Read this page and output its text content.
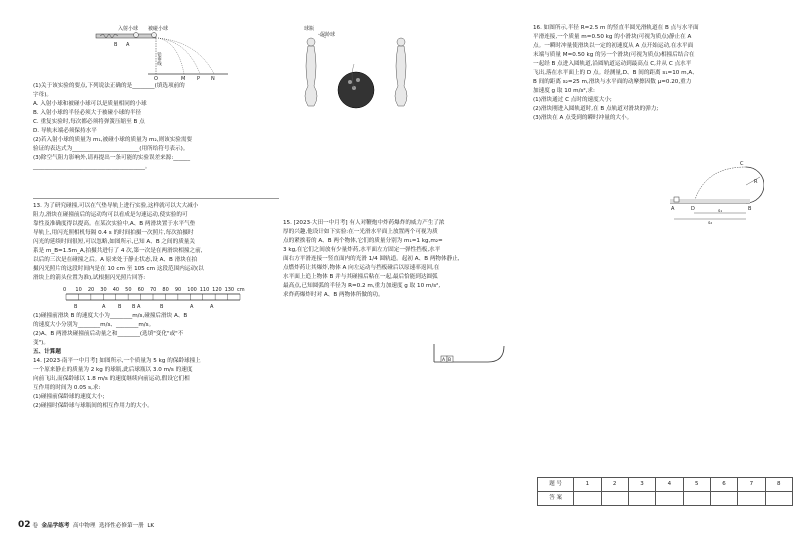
入射小球 被碰小球
B A
铅垂线
O	M P N

(1)关于该实验的要点,下列说法正确的是________(填选项前的

字母)。

A. 入射小球和被碰小球可以是质量相同的小球

B. 入射小球的半径必须大于被碰小球的半径

C. 重复实验时,每次都必须将弹簧压缩至 B 点

D. 导轨末端必须保持水平

(2)若入射小球的质量为 m₁,被碰小球的质量为 m₂,则该实验需要

验证的表达式为________________________(用所给符号表示)。

(3)除空气阻力影响外,请再提出一条可能的实验误差来源:______

________________________________________。

13. 为了研究碰撞,可以在气垫导轨上进行实验,这样就可以大大减小

阻力,滑块在碰撞前后的运动均可以看成是匀速运动,使实验的可

靠性及准确度得以提高。在某次实验中,A、B 两滑块置于水平气垫

导轨上,用闪光照相机每隔 0.4 s 的时间拍摄一次照片,每次拍摄时

闪光的延续时间很短,可以忽略,如图所示,已知 A、B 之间的质量关

系是 m_B=1.5m_A,拍摄共进行了 4 次,第一次是在两滑块相撞之前,

以后的三次是在碰撞之后。A 原来处于静止状态,设 A、B 滑块在拍

摄闪光照片的这段时间内是在 10 cm 至 105 cm 这段范围内运动(以

滑块上的箭头位置为准),试根据闪光照片回答:

0 10 20 30 40 50 60 70 80 90 100 110 120 130 cm
B	A	B B A	B	A	A

(1)碰撞前滑块 B 的速度大小为________m/s,碰撞后滑块 A、B

的速度大小分别为________m/s、________m/s。

(2)A、B 两滑块碰撞前后动量之和________(选填"变化"或"不

变")。

五、计算题

14. [2023·南平一中月考] 如图所示,一个质量为 5 kg 的保龄球撞上

一个原来静止的质量为 2 kg 的球瓶,此后球瓶以 3.0 m/s 的速度

向前飞出,而保龄球以 1.8 m/s 的速度继续向前运动,假设它们相

互作用的时间为 0.05 s,求:

(1)碰撞前保龄球的速度大小;

(2)碰撞时保龄球与球瓶间的相互作用力的大小。

球瓶
保龄球

15. [2023·大田一中月考] 有人对鞭炮中炸药爆炸的威力产生了浓

厚的兴趣,他设计如下实验:在一光滑水平面上放置两个可视为质

点的紧挨着的 A、B 两个物体,它们的质量分别为 m₁=1 kg,m₂=

3 kg,在它们之间放有少量炸药,水平面左方固定一弹性挡板,水平

面右方平滑连接一竖直面内的光滑 1/4 圆轨道。起初 A、B 两物体静止,

点燃炸药让其爆炸,物体 A 向左运动与挡板碰后以原速率返回,在

水平面上追上物体 B 并与其碰撞后粘在一起,最后恰能到达圆弧

最高点,已知圆弧的半径为 R=0.2 m,重力加速度 g 取 10 m/s²,

求炸药爆炸时对 A、B 两物体所做的功。

A B

16. 如图所示,半径 R=2.5 m 的竖直半圆光滑轨道在 B 点与水平面

平滑连接,一个质量 m=0.50 kg 的小滑块(可视为质点)静止在 A

点。一瞬时冲量使滑块以一定的初速度从 A 点开始运动,在水平面

末端与质量 M=0.50 kg 的另一个滑块(可视为质点)相撞后结合在

一起经 B 点进入圆轨道,沿圆轨道运动到最高点 C,并从 C 点水平

飞出,落在水平面上的 D 点。经测量,D、B 间的距离 s₁=10 m,A、

B 间的距离 s₂=25 m,滑块与水平面的动摩擦因数 μ=0.20,重力

加速度 g 取 10 m/s²,求:

(1)滑块通过 C 点时的速度大小;

(2)滑块刚进入圆轨道时,在 B 点轨道对滑块的弹力;

(3)滑块在 A 点受到的瞬时冲量的大小。

C
R
A	D	B
s₁
s₂
题 号	1	2	3	4	5	6	7	8
答 案								
02 卷 金品学练考 高中物理 选择性必修第一册 LK
